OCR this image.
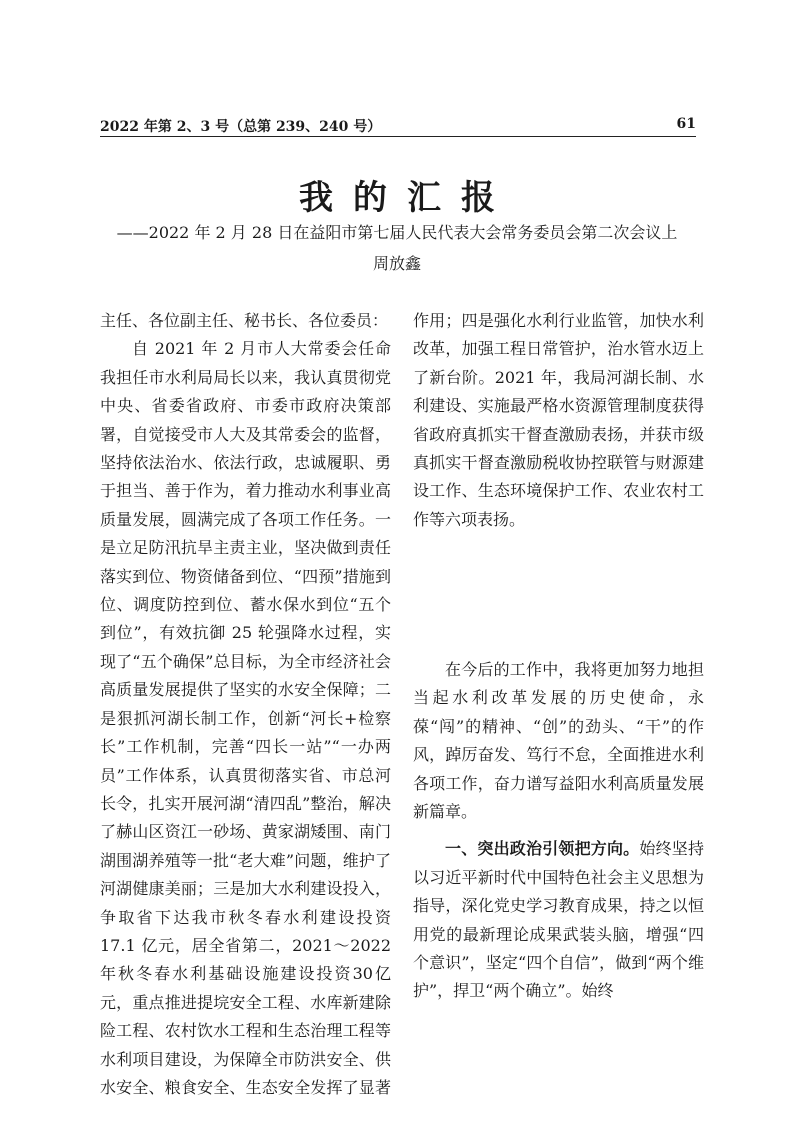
2022 年第 2、3 号（总第 239、240 号）	61
我的汇报
——2022 年 2 月 28 日在益阳市第七届人民代表大会常务委员会第二次会议上
周放鑫

主任、各位副主任、秘书长、各位委员：

自 2021 年 2 月市人大常委会任命我担任市水利局局长以来，我认真贯彻党中央、省委省政府、市委市政府决策部署，自觉接受市人大及其常委会的监督，坚持依法治水、依法行政，忠诚履职、勇于担当、善于作为，着力推动水利事业高质量发展，圆满完成了各项工作任务。一是立足防汛抗旱主责主业，坚决做到责任落实到位、物资储备到位、“四预”措施到位、调度防控到位、蓄水保水到位“五个到位”，有效抗御 25 轮强降水过程，实现了“五个确保”总目标，为全市经济社会高质量发展提供了坚实的水安全保障；二是狠抓河湖长制工作，创新“河长+检察长”工作机制，完善“四长一站”“一办两员”工作体系，认真贯彻落实省、市总河长令，扎实开展河湖“清四乱”整治，解决了赫山区资江一砂场、黄家湖矮围、南门湖围湖养殖等一批“老大难”问题，维护了河湖健康美丽；三是加大水利建设投入，争取省下达我市秋冬春水利建设投资 17.1 亿元，居全省第二，2021～2022年秋冬春水利基础设施建设投资30亿元，重点推进提垸安全工程、水库新建除险工程、农村饮水工程和生态治理工程等水利项目建设，为保障全市防洪安全、供水安全、粮食安全、生态安全发挥了显著

作用；四是强化水利行业监管，加快水利改革，加强工程日常管护，治水管水迈上了新台阶。2021 年，我局河湖长制、水利建设、实施最严格水资源管理制度获得省政府真抓实干督查激励表扬，并获市级真抓实干督查激励税收协控联管与财源建设工作、生态环境保护工作、农业农村工作等六项表扬。

在今后的工作中，我将更加努力地担当起水利改革发展的历史使命，永葆“闯”的精神、“创”的劲头、“干”的作风，踔厉奋发、笃行不怠，全面推进水利各项工作，奋力谱写益阳水利高质量发展新篇章。

一、突出政治引领把方向。始终坚持以习近平新时代中国特色社会主义思想为指导，深化党史学习教育成果，持之以恒用党的最新理论成果武装头脑，增强“四个意识”，坚定“四个自信”，做到“两个维护”，捍卫“两个确立”。始终
